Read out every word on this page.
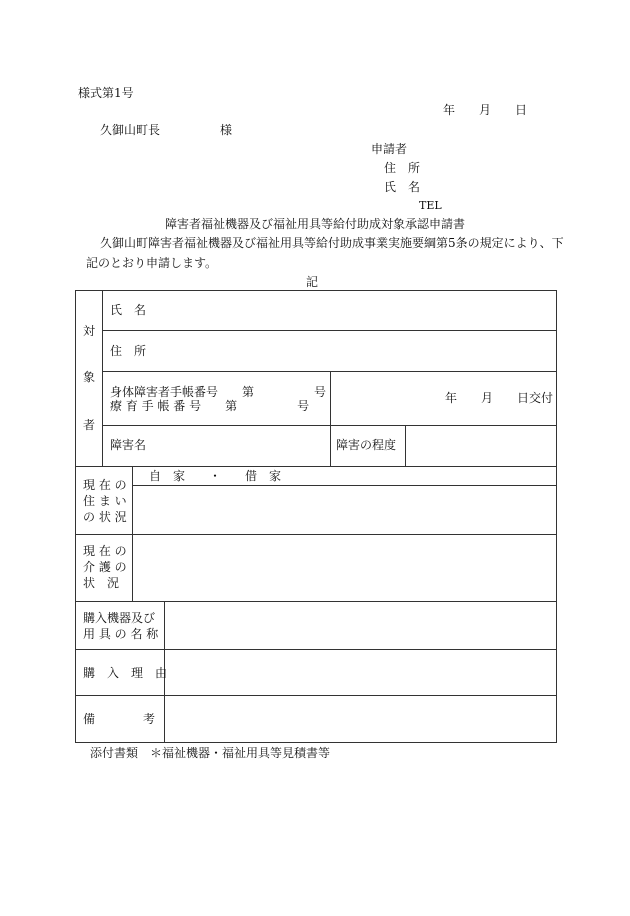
様式第1号
年　　月　　日
久御山町長　　　　　様
申請者
住　所
氏　名
TEL
障害者福祉機器及び福祉用具等給付助成対象承認申請書
久御山町障害者福祉機器及び福祉用具等給付助成事業実施要綱第5条の規定により、下
記のとおり申請します。
記
対
象
者
氏　名
住　所
身体障害者手帳番号　　第　　　　　号
療 育 手 帳 番 号　　第　　　　　号
年　　月　　日交付
障害名	障害の程度
現 在 の
住 ま い
の 状 況
自　家　　・　　借　家
現 在 の
介 護 の
状　況
購入機器及び
用 具 の 名 称
購　入　理　由
備　　　　考
添付書類　＊福祉機器・福祉用具等見積書等
